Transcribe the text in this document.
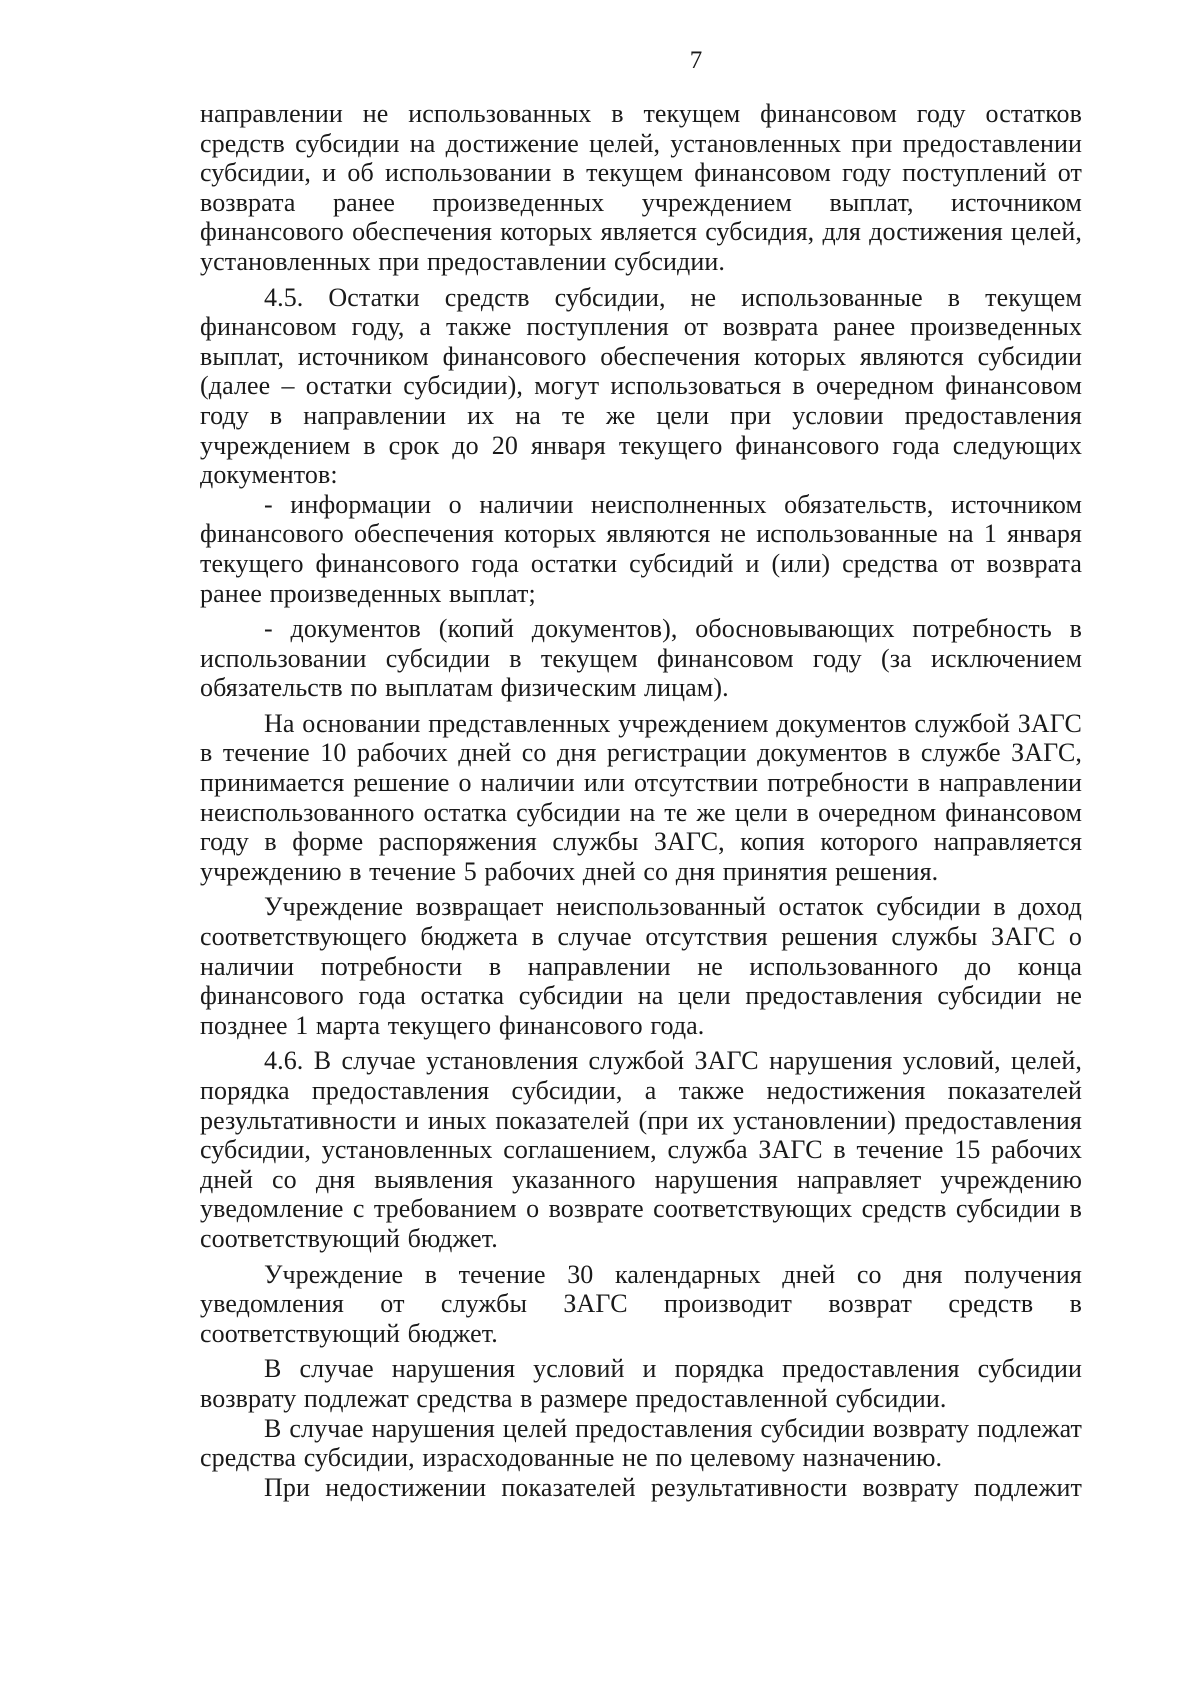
7

направлении не использованных в текущем финансовом году остатков средств субсидии на достижение целей, установленных при предоставлении субсидии, и об использовании в текущем финансовом году поступлений от возврата ранее произведенных учреждением выплат, источником финансового обеспечения которых является субсидия, для достижения целей, установленных при предоставлении субсидии.

4.5. Остатки средств субсидии, не использованные в текущем финансовом году, а также поступления от возврата ранее произведенных выплат, источником финансового обеспечения которых являются субсидии (далее – остатки субсидии), могут использоваться в очередном финансовом году в направлении их на те же цели при условии предоставления учреждением в срок до 20 января текущего финансового года следующих документов:

- информации о наличии неисполненных обязательств, источником финансового обеспечения которых являются не использованные на 1 января текущего финансового года остатки субсидий и (или) средства от возврата ранее произведенных выплат;

- документов (копий документов), обосновывающих потребность в использовании субсидии в текущем финансовом году (за исключением обязательств по выплатам физическим лицам).

На основании представленных учреждением документов службой ЗАГС в течение 10 рабочих дней со дня регистрации документов в службе ЗАГС, принимается решение о наличии или отсутствии потребности в направлении неиспользованного остатка субсидии на те же цели в очередном финансовом году в форме распоряжения службы ЗАГС, копия которого направляется учреждению в течение 5 рабочих дней со дня принятия решения.

Учреждение возвращает неиспользованный остаток субсидии в доход соответствующего бюджета в случае отсутствия решения службы ЗАГС о наличии потребности в направлении не использованного до конца финансового года остатка субсидии на цели предоставления субсидии не позднее 1 марта текущего финансового года.

4.6. В случае установления службой ЗАГС нарушения условий, целей, порядка предоставления субсидии, а также недостижения показателей результативности и иных показателей (при их установлении) предоставления субсидии, установленных соглашением, служба ЗАГС в течение 15 рабочих дней со дня выявления указанного нарушения направляет учреждению уведомление с требованием о возврате соответствующих средств субсидии в соответствующий бюджет.

Учреждение в течение 30 календарных дней со дня получения уведомления от службы ЗАГС производит возврат средств в соответствующий бюджет.

В случае нарушения условий и порядка предоставления субсидии возврату подлежат средства в размере предоставленной субсидии.

В случае нарушения целей предоставления субсидии возврату подлежат средства субсидии, израсходованные не по целевому назначению.

При недостижении показателей результативности возврату подлежит
